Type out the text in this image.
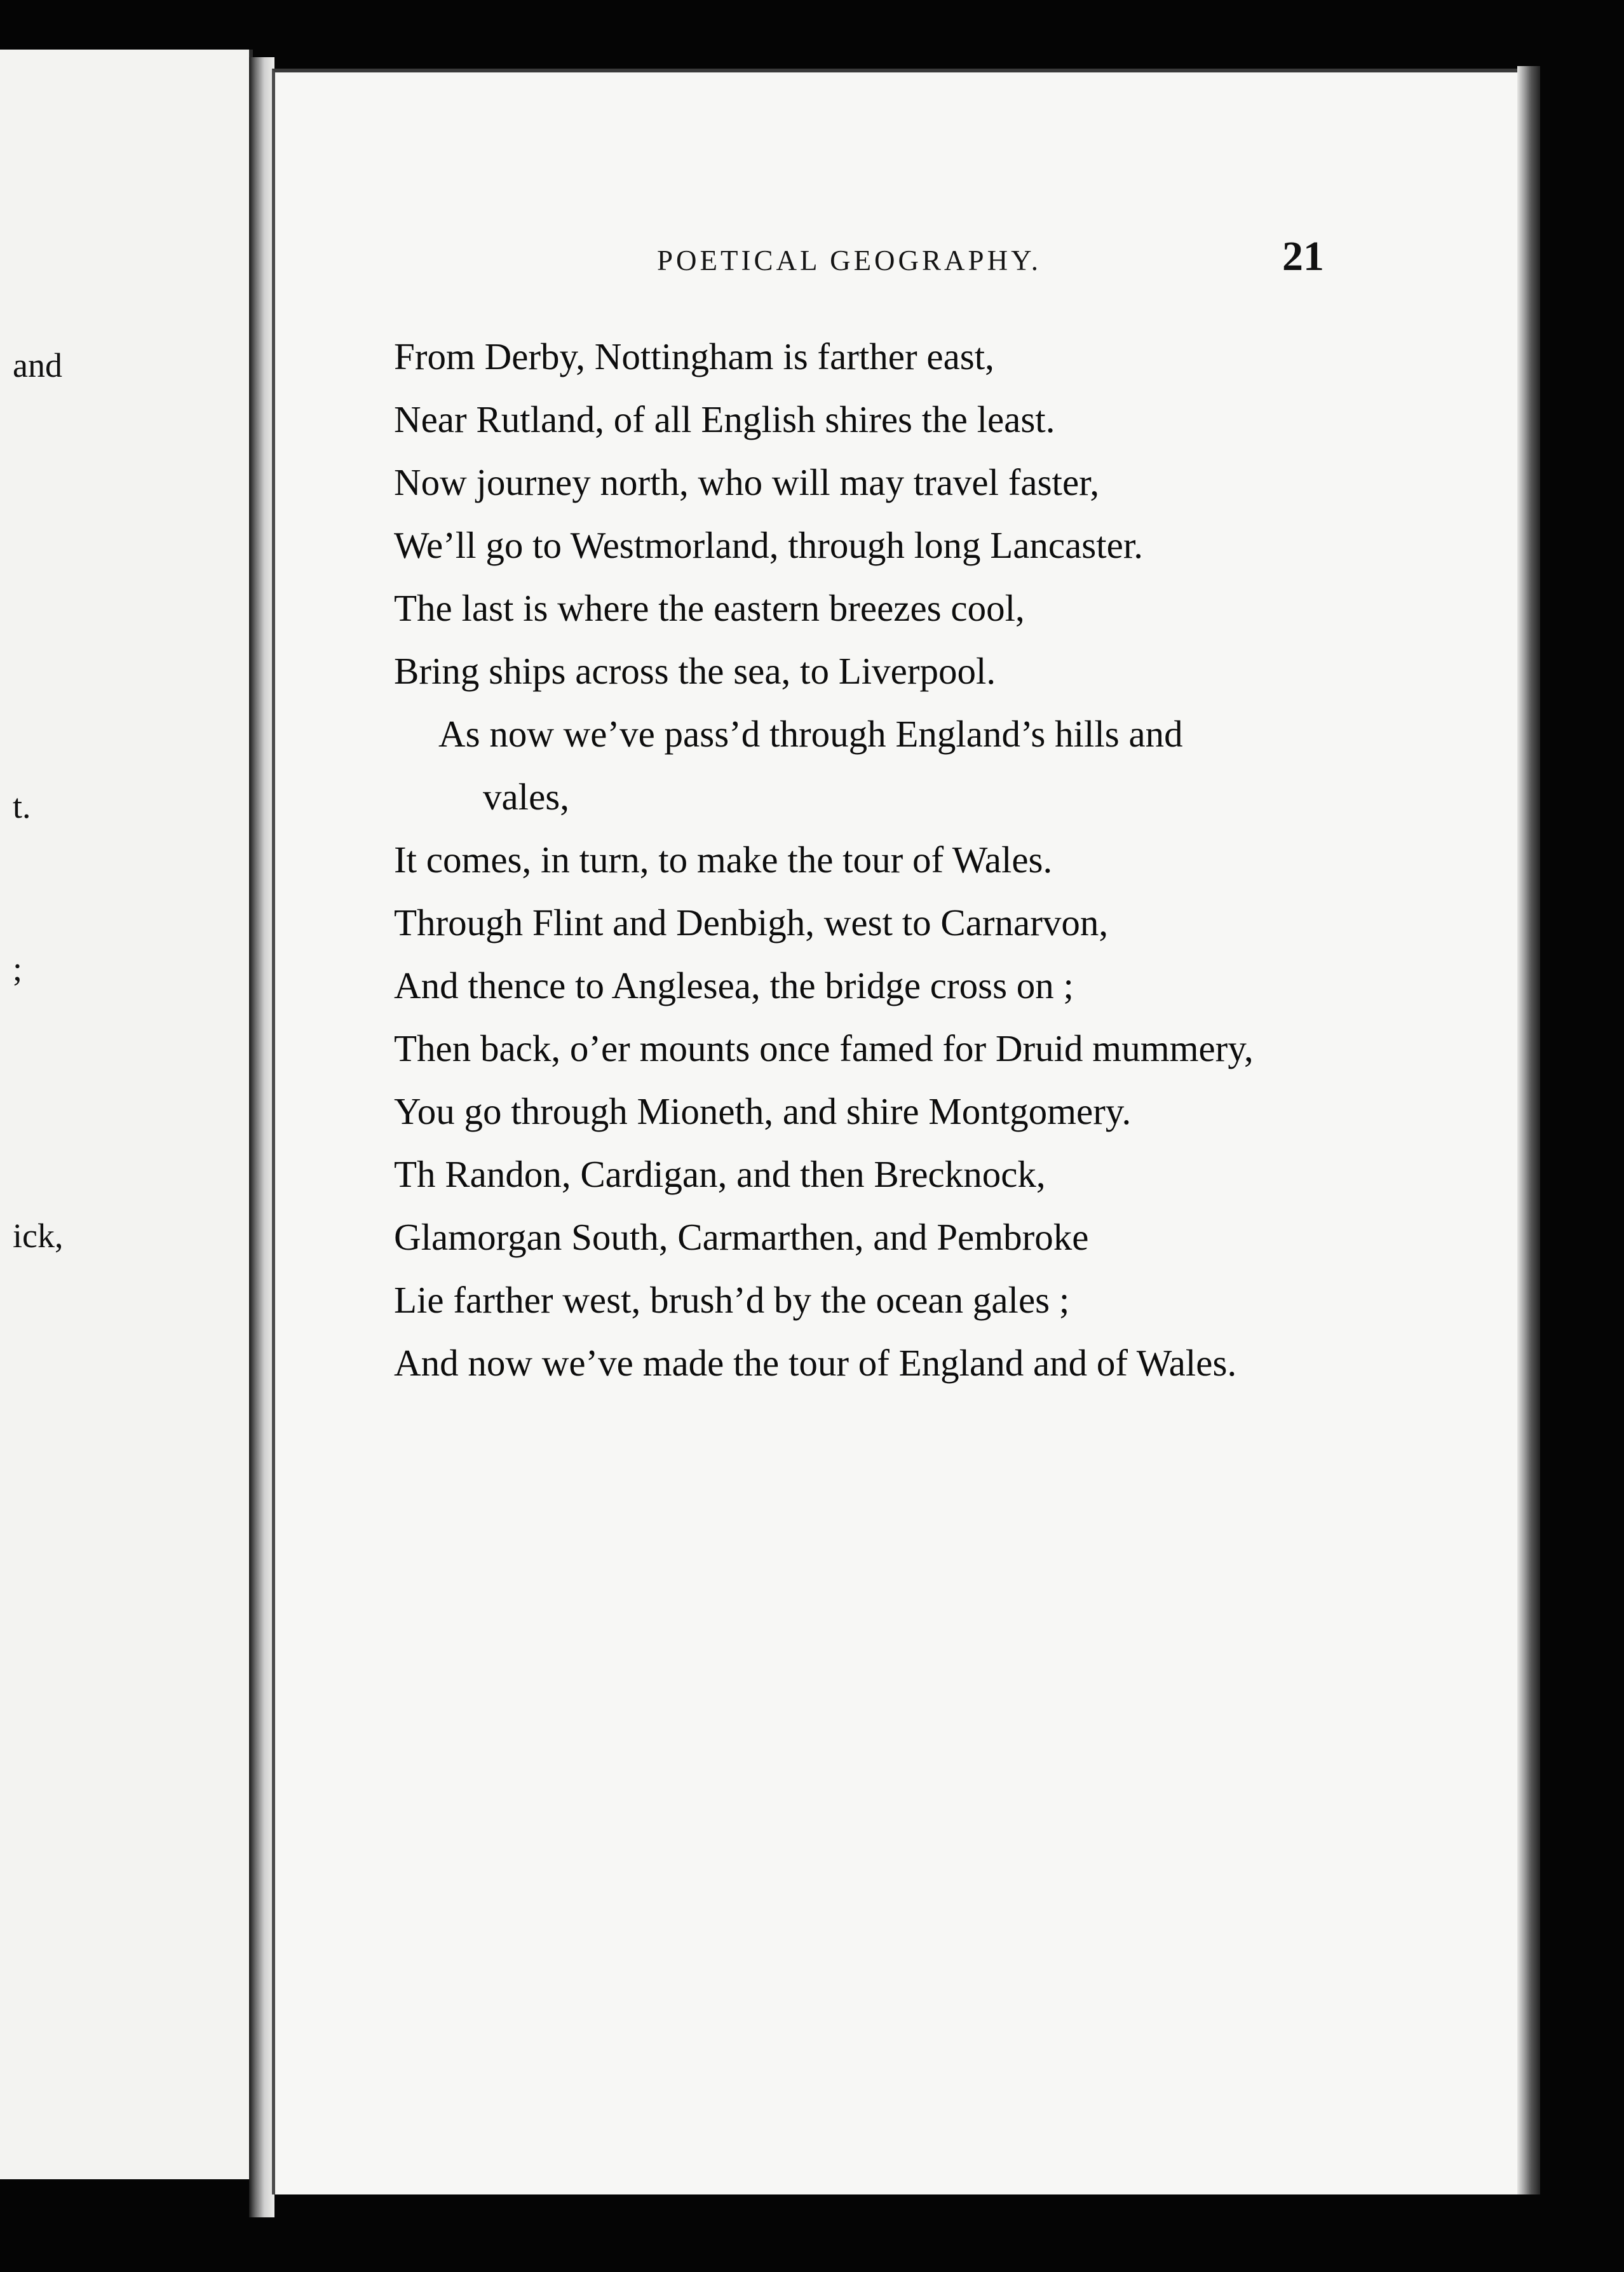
and

t.

;

ick,

POETICAL GEOGRAPHY.	21
From Derby, Nottingham is farther east,
Near Rutland, of all English shires the least.
Now journey north, who will may travel faster,
We’ll go to Westmorland, through long Lancaster.
The last is where the eastern breezes cool,
Bring ships across the sea, to Liverpool.
As now we’ve pass’d through England’s hills and
vales,
It comes, in turn, to make the tour of Wales.
Through Flint and Denbigh, west to Carnarvon,
And thence to Anglesea, the bridge cross on ;
Then back, o’er mounts once famed for Druid mummery,
You go through Mioneth, and shire Montgomery.
Th Randon, Cardigan, and then Brecknock,
Glamorgan South, Carmarthen, and Pembroke
Lie farther west, brush’d by the ocean gales ;
And now we’ve made the tour of England and of Wales.
